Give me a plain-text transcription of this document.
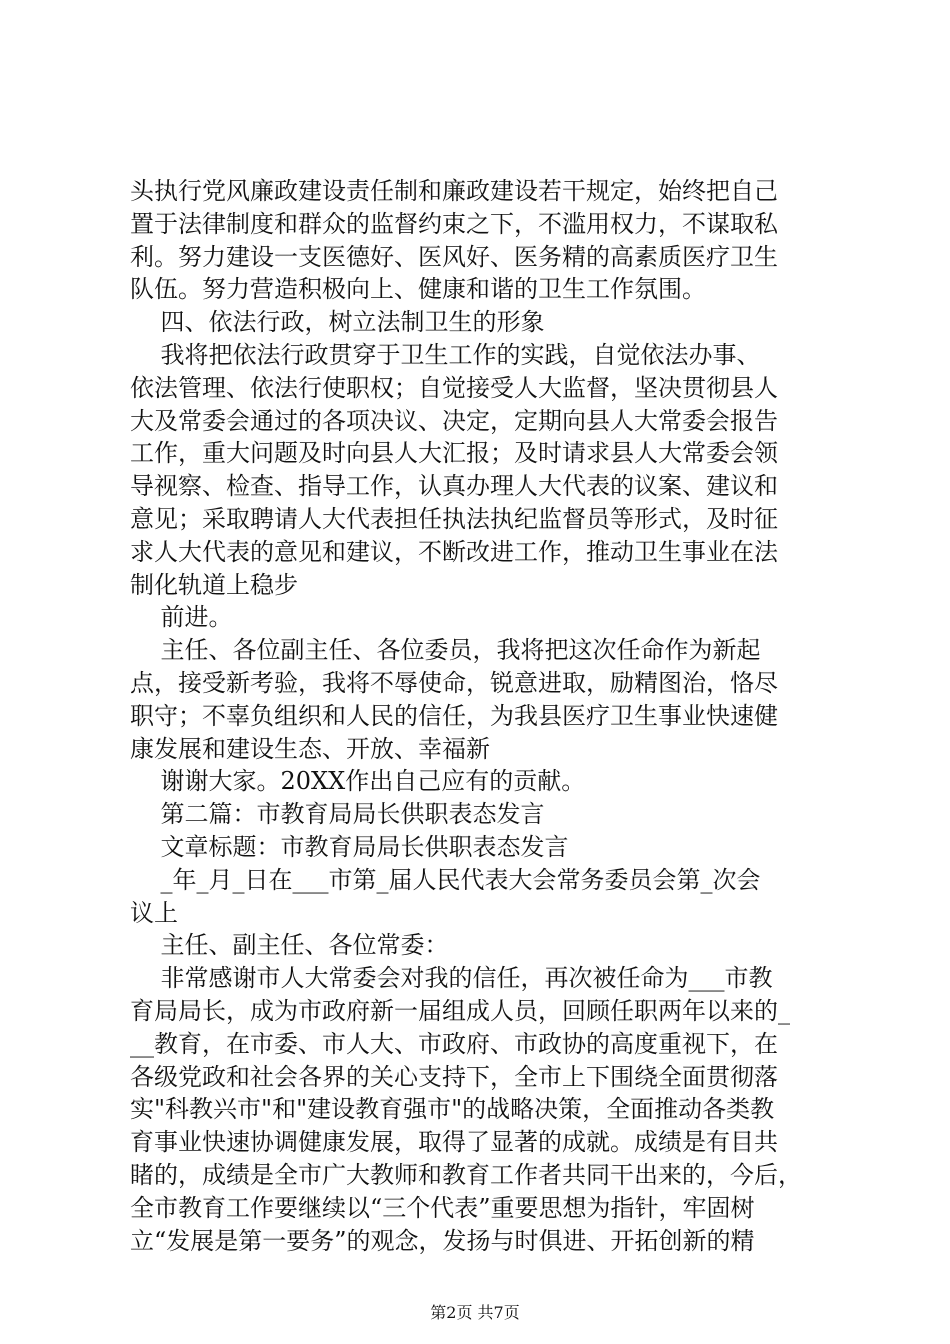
头执行党风廉政建设责任制和廉政建设若干规定，始终把自己
置于法律制度和群众的监督约束之下，不滥用权力，不谋取私
利。努力建设一支医德好、医风好、医务精的高素质医疗卫生
队伍。努力营造积极向上、健康和谐的卫生工作氛围。
四、依法行政，树立法制卫生的形象
我将把依法行政贯穿于卫生工作的实践，自觉依法办事、
依法管理、依法行使职权；自觉接受人大监督，坚决贯彻县人
大及常委会通过的各项决议、决定，定期向县人大常委会报告
工作，重大问题及时向县人大汇报；及时请求县人大常委会领
导视察、检查、指导工作，认真办理人大代表的议案、建议和
意见；采取聘请人大代表担任执法执纪监督员等形式，及时征
求人大代表的意见和建议，不断改进工作，推动卫生事业在法
制化轨道上稳步
前进。
主任、各位副主任、各位委员，我将把这次任命作为新起
点，接受新考验，我将不辱使命，锐意进取，励精图治，恪尽
职守；不辜负组织和人民的信任，为我县医疗卫生事业快速健
康发展和建设生态、开放、幸福新
谢谢大家。20XX作出自己应有的贡献。
第二篇：市教育局局长供职表态发言
文章标题：市教育局局长供职表态发言
_年_月_日在___市第_届人民代表大会常务委员会第_次会
议上
主任、副主任、各位常委：
非常感谢市人大常委会对我的信任，再次被任命为___市教
育局局长，成为市政府新一届组成人员，回顾任职两年以来的_
__教育，在市委、市人大、市政府、市政协的高度重视下，在
各级党政和社会各界的关心支持下，全市上下围绕全面贯彻落
实"科教兴市"和"建设教育强市"的战略决策，全面推动各类教
育事业快速协调健康发展，取得了显著的成就。成绩是有目共
睹的，成绩是全市广大教师和教育工作者共同干出来的，今后，
全市教育工作要继续以“三个代表”重要思想为指针，牢固树
立“发展是第一要务”的观念，发扬与时俱进、开拓创新的精
第2页 共7页
